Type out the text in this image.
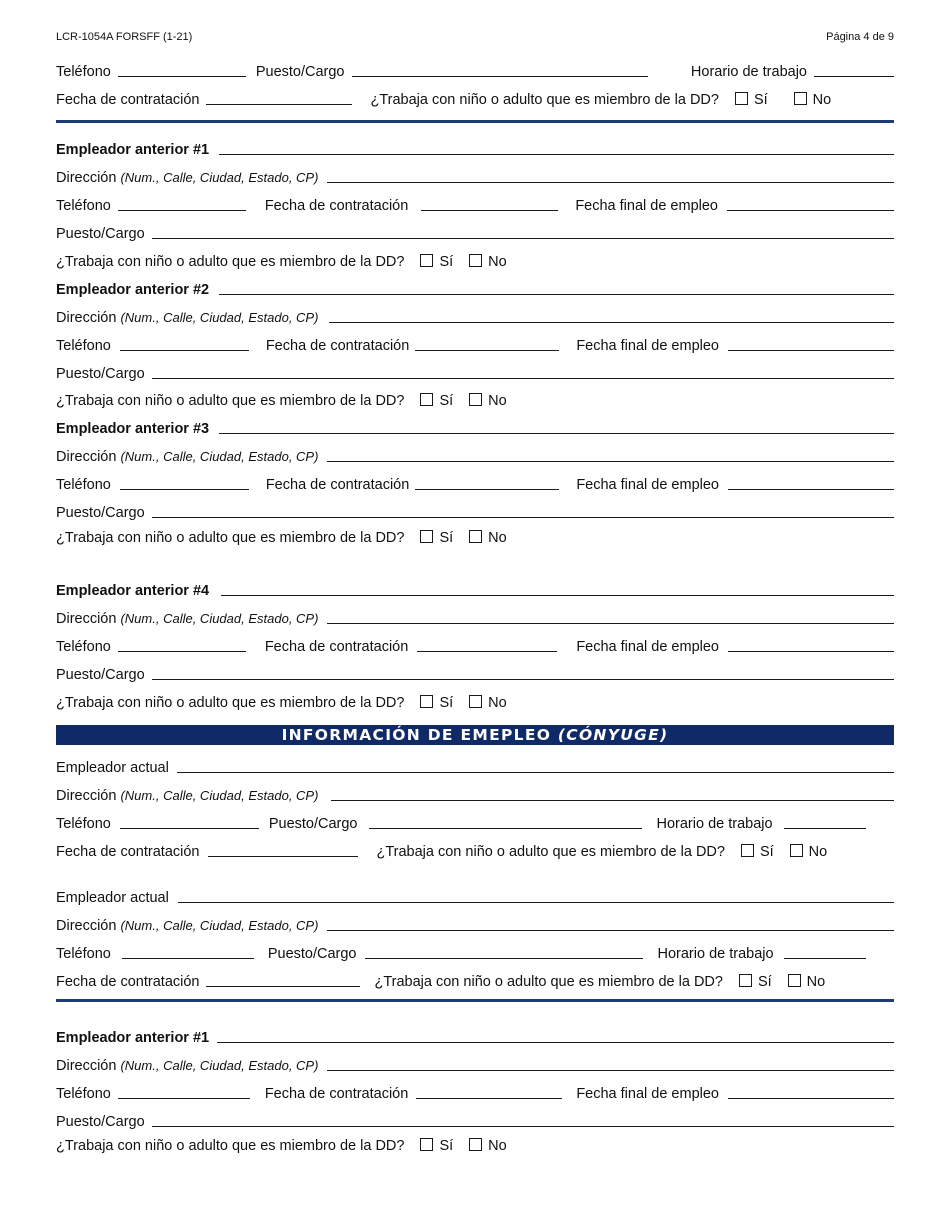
LCR-1054A FORSFF (1-21)	Página 4 de 9
Teléfono	Puesto/Cargo	Horario de trabajo
Fecha de contratación	¿Trabaja con niño o adulto que es miembro de la DD? Sí	No
Empleador anterior #1
Dirección (Num., Calle, Ciudad, Estado, CP)
Teléfono	Fecha de contratación	Fecha final de empleo
Puesto/Cargo
¿Trabaja con niño o adulto que es miembro de la DD? Sí No
Empleador anterior #2
Dirección (Num., Calle, Ciudad, Estado, CP)
Teléfono	Fecha de contratación	Fecha final de empleo
Puesto/Cargo
¿Trabaja con niño o adulto que es miembro de la DD? Sí No
Empleador anterior #3
Dirección (Num., Calle, Ciudad, Estado, CP)
Teléfono	Fecha de contratación	Fecha final de empleo
Puesto/Cargo
¿Trabaja con niño o adulto que es miembro de la DD? Sí No
Empleador anterior #4
Dirección (Num., Calle, Ciudad, Estado, CP)
Teléfono	Fecha de contratación	Fecha final de empleo
Puesto/Cargo
¿Trabaja con niño o adulto que es miembro de la DD? Sí No
INFORMACIÓN DE EMEPLEO (CÓNYUGE)
Empleador actual
Dirección (Num., Calle, Ciudad, Estado, CP)
Teléfono	Puesto/Cargo	Horario de trabajo
Fecha de contratación	¿Trabaja con niño o adulto que es miembro de la DD? Sí No
Empleador actual
Dirección (Num., Calle, Ciudad, Estado, CP)
Teléfono	Puesto/Cargo	Horario de trabajo
Fecha de contratación	¿Trabaja con niño o adulto que es miembro de la DD? Sí No
Empleador anterior #1
Dirección (Num., Calle, Ciudad, Estado, CP)
Teléfono	Fecha de contratación	Fecha final de empleo
Puesto/Cargo
¿Trabaja con niño o adulto que es miembro de la DD? Sí No
